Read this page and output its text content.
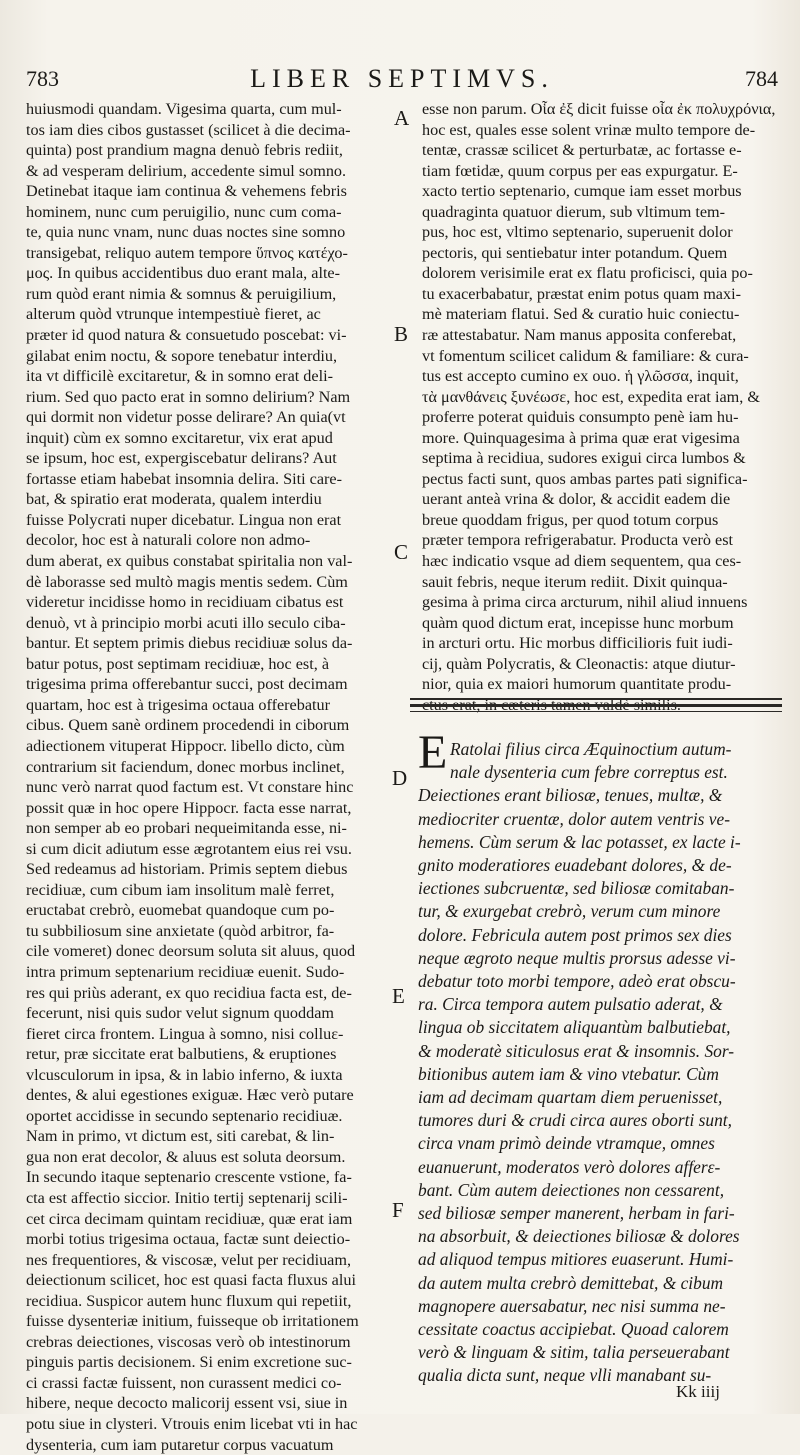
783	LIBER SEPTIMVS.	784
huiusmodi quandam. Vigesima quarta, cum mul-
tos iam dies cibos gustasset (scilicet à die decima-
quinta) post prandium magna denuò febris rediit,
& ad vesperam delirium, accedente simul somno.
Detinebat itaque iam continua & vehemens febris
hominem, nunc cum peruigilio, nunc cum coma-
te, quia nunc vnam, nunc duas noctes sine somno
transigebat, reliquo autem tempore ὕπνος κατέχο-
μος. In quibus accidentibus duo erant mala, alte-
rum quòd erant nimia & somnus & peruigilium,
alterum quòd vtrunque intempestiuè fieret, ac
præter id quod natura & consuetudo poscebat: vi-
gilabat enim noctu, & sopore tenebatur interdiu,
ita vt difficilè excitaretur, & in somno erat deli-
rium. Sed quo pacto erat in somno delirium? Nam
qui dormit non videtur posse delirare? An quia(vt
inquit) cùm ex somno excitaretur, vix erat apud
se ipsum, hoc est, expergiscebatur delirans? Aut
fortasse etiam habebat insomnia delira. Siti care-
bat, & spiratio erat moderata, qualem interdiu
fuisse Polycrati nuper dicebatur. Lingua non erat
decolor, hoc est à naturali colore non admo-
dum aberat, ex quibus constabat spiritalia non val-
dè laborasse sed multò magis mentis sedem. Cùm
videretur incidisse homo in recidiuam cibatus est
denuò, vt à principio morbi acuti illo seculo ciba-
bantur. Et septem primis diebus recidiuæ solus da-
batur potus, post septimam recidiuæ, hoc est, à
trigesima prima offerebantur succi, post decimam
quartam, hoc est à trigesima octaua offerebatur
cibus. Quem sanè ordinem procedendi in ciborum
adiectionem vituperat Hippocr. libello dicto, cùm
contrarium sit faciendum, donec morbus inclinet,
nunc verò narrat quod factum est. Vt constare hinc
possit quæ in hoc opere Hippocr. facta esse narrat,
non semper ab eo probari nequeimitanda esse, ni-
si cum dicit adiutum esse ægrotantem eius rei vsu.
Sed redeamus ad historiam. Primis septem diebus
recidiuæ, cum cibum iam insolitum malè ferret,
eructabat crebrò, euomebat quandoque cum po-
tu subbiliosum sine anxietate (quòd arbitror, fa-
cile vomeret) donec deorsum soluta sit aluus, quod
intra primum septenarium recidiuæ euenit. Sudo-
res qui priùs aderant, ex quo recidiua facta est, de-
fecerunt, nisi quis sudor velut signum quoddam
fieret circa frontem. Lingua à somno, nisi colluε-
retur, præ siccitate erat balbutiens, & eruptiones
vlcusculorum in ipsa, & in labio inferno, & iuxta
dentes, & alui egestiones exiguæ. Hæc verò putare
oportet accidisse in secundo septenario recidiuæ.
Nam in primo, vt dictum est, siti carebat, & lin-
gua non erat decolor, & aluus est soluta deorsum.
In secundo itaque septenario crescente vstione, fa-
cta est affectio siccior. Initio tertij septenarij scili-
cet circa decimam quintam recidiuæ, quæ erat iam
morbi totius trigesima octaua, factæ sunt deiectio-
nes frequentiores, & viscosæ, velut per recidiuam,
deiectionum scilicet, hoc est quasi facta fluxus alui
recidiua. Suspicor autem hunc fluxum qui repetiit,
fuisse dysenteriæ initium, fuisseque ob irritationem
crebras deiectiones, viscosas verò ob intestinorum
pinguis partis decisionem. Si enim excretione suc-
ci crassi factæ fuissent, non curassent medici co-
hibere, neque decocto malicorij essent vsi, siue in
potu siue in clysteri. Vtrouis enim licebat vti in hac
dysenteria, cum iam putaretur corpus vacuatum
esse non parum. Οἷα ἐξ dicit fuisse οἷα ἐκ πολυχρόνια,
hoc est, quales esse solent vrinæ multo tempore de-
tentæ, crassæ scilicet & perturbatæ, ac fortasse e-
tiam fœtidæ, quum corpus per eas expurgatur. E-
xacto tertio septenario, cumque iam esset morbus
quadraginta quatuor dierum, sub vltimum tem-
pus, hoc est, vltimo septenario, superuenit dolor
pectoris, qui sentiebatur inter potandum. Quem
dolorem verisimile erat ex flatu proficisci, quia po-
tu exacerbabatur, præstat enim potus quam maxi-
mè materiam flatui. Sed & curatio huic coniectu-
ræ attestabatur. Nam manus apposita conferebat,
vt fomentum scilicet calidum & familiare: & cura-
tus est accepto cumino ex ouo. ἡ γλῶσσα, inquit,
τὰ μανθάνεις ξυνέωσε, hoc est, expedita erat iam, &
proferre poterat quiduis consumpto penè iam hu-
more. Quinquagesima à prima quæ erat vigesima
septima à recidiua, sudores exigui circa lumbos &
pectus facti sunt, quos ambas partes pati significa-
uerant anteà vrina & dolor, & accidit eadem die
breue quoddam frigus, per quod totum corpus
præter tempora refrigerabatur. Producta verò est
hæc indicatio vsque ad diem sequentem, qua ces-
sauit febris, neque iterum rediit. Dixit quinqua-
gesima à prima circa arcturum, nihil aliud innuens
quàm quod dictum erat, incepisse hunc morbum
in arcturi ortu. Hic morbus difficilioris fuit iudi-
cij, quàm Polycratis, & Cleonactis: atque diutur-
nior, quia ex maiori humorum quantitate produ-
ctus erat, in cæteris tamen valdè similis.
A
B
C
D
E
F
E Ratolai filius circa Æquinoctium autum-
nale dysenteria cum febre correptus est.
Deiectiones erant biliosæ, tenues, multæ, &
mediocriter cruentæ, dolor autem ventris ve-
hemens. Cùm serum & lac potasset, ex lacte i-
gnito moderatiores euadebant dolores, & de-
iectiones subcruentæ, sed biliosæ comitaban-
tur, & exurgebat crebrò, verum cum minore
dolore. Febricula autem post primos sex dies
neque ægroto neque multis prorsus adesse vi-
debatur toto morbi tempore, adeò erat obscu-
ra. Circa tempora autem pulsatio aderat, &
lingua ob siccitatem aliquantùm balbutiebat,
& moderatè siticulosus erat & insomnis. Sor-
bitionibus autem iam & vino vtebatur. Cùm
iam ad decimam quartam diem peruenisset,
tumores duri & crudi circa aures oborti sunt,
circa vnam primò deinde vtramque, omnes
euanuerunt, moderatos verò dolores afferε-
bant. Cùm autem deiectiones non cessarent,
sed biliosæ semper manerent, herbam in fari-
na absorbuit, & deiectiones biliosæ & dolores
ad aliquod tempus mitiores euaserunt. Humi-
da autem multa crebrò demittebat, & cibum
magnopere auersabatur, nec nisi summa ne-
cessitate coactus accipiebat. Quoad calorem
verò & linguam & sitim, talia perseuerabant
qualia dicta sunt, neque vlli manabant su-
Kk iiij
